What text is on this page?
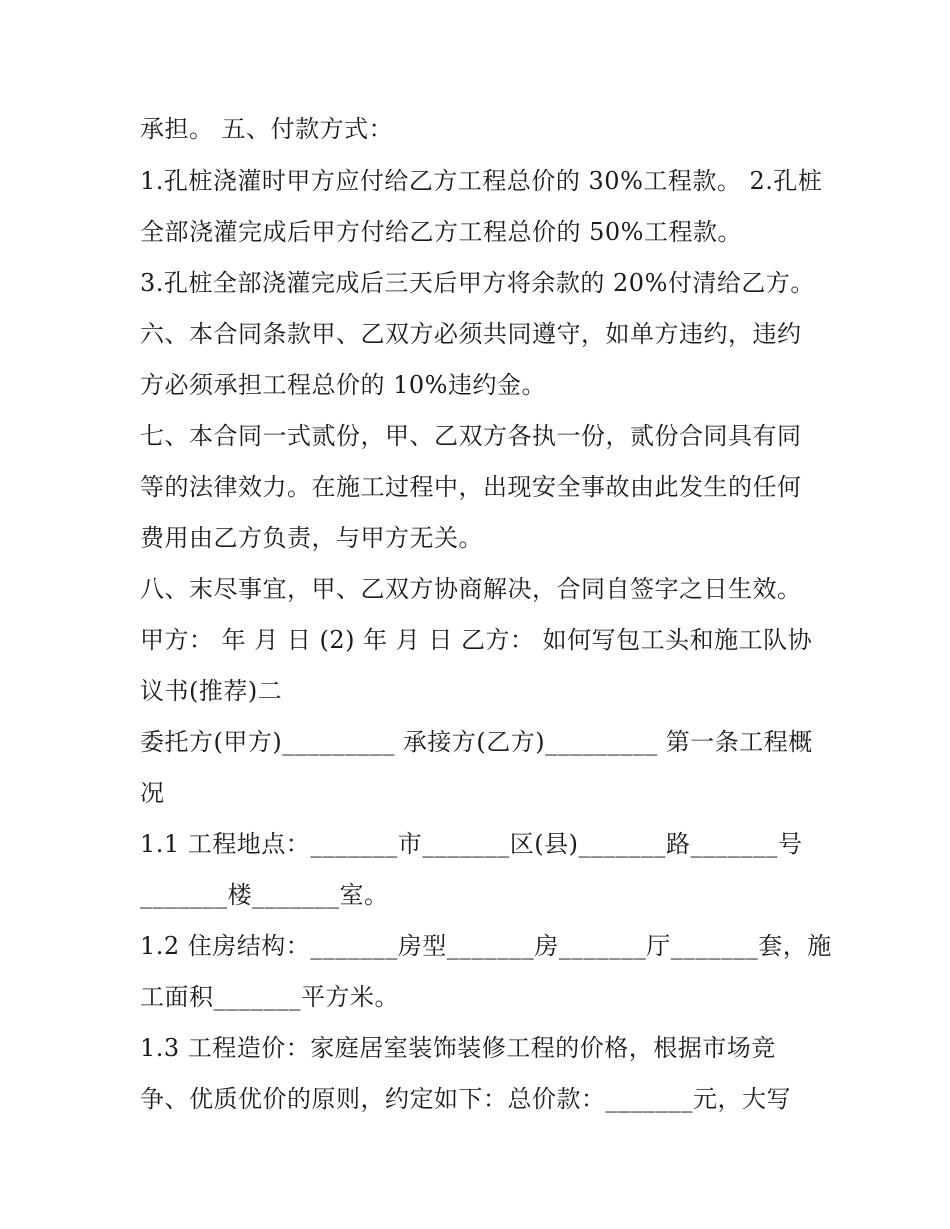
承担。 五、付款方式：
1.孔桩浇灌时甲方应付给乙方工程总价的 30%工程款。 2.孔桩
全部浇灌完成后甲方付给乙方工程总价的 50%工程款。
3.孔桩全部浇灌完成后三天后甲方将余款的 20%付清给乙方。
六、本合同条款甲、乙双方必须共同遵守，如单方违约，违约
方必须承担工程总价的 10%违约金。
七、本合同一式贰份，甲、乙双方各执一份，贰份合同具有同
等的法律效力。在施工过程中，出现安全事故由此发生的任何
费用由乙方负责，与甲方无关。
八、末尽事宜，甲、乙双方协商解决，合同自签字之日生效。
甲方： 年 月 日 (2) 年 月 日 乙方： 如何写包工头和施工队协
议书(推荐)二
委托方(甲方)_________ 承接方(乙方)_________ 第一条工程概
况
1.1 工程地点：_______市_______区(县)_______路_______号
_______楼_______室。
1.2 住房结构：_______房型_______房_______厅_______套，施
工面积_______平方米。
1.3 工程造价：家庭居室装饰装修工程的价格，根据市场竞
争、优质优价的原则，约定如下：总价款：_______元，大写
